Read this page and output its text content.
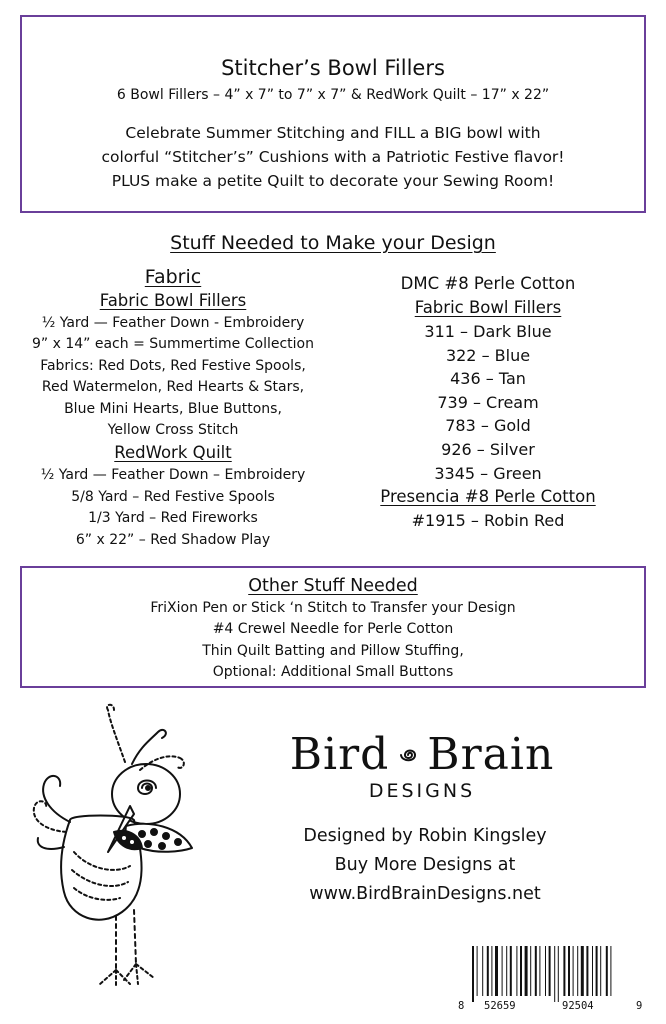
Stitcher’s Bowl Fillers
6 Bowl Fillers – 4” x 7” to 7” x 7” & RedWork Quilt – 17” x 22”
Celebrate Summer Stitching and FILL a BIG bowl with
colorful “Stitcher’s” Cushions with a Patriotic Festive flavor!
PLUS make a petite Quilt to decorate your Sewing Room!
Stuff Needed to Make your Design
Fabric
Fabric Bowl Fillers
½ Yard — Feather Down - Embroidery
9” x 14” each = Summertime Collection
Fabrics: Red Dots, Red Festive Spools,
Red Watermelon, Red Hearts & Stars,
Blue Mini Hearts, Blue Buttons,
Yellow Cross Stitch
RedWork Quilt
½ Yard — Feather Down – Embroidery
5/8 Yard – Red Festive Spools
1/3 Yard – Red Fireworks
6” x 22” – Red Shadow Play
DMC #8 Perle Cotton
Fabric Bowl Fillers
311 – Dark Blue
322 – Blue
436 – Tan
739 – Cream
783 – Gold
926 – Silver
3345 – Green
Presencia #8 Perle Cotton
#1915 – Robin Red
Other Stuff Needed
FriXion Pen or Stick ‘n Stitch to Transfer your Design
#4 Crewel Needle for Perle Cotton
Thin Quilt Batting and Pillow Stuffing,
Optional: Additional Small Buttons
Bird Brain
DESIGNS
Designed by Robin Kingsley
Buy More Designs at
www.BirdBrainDesigns.net
8 52659	92504	9
